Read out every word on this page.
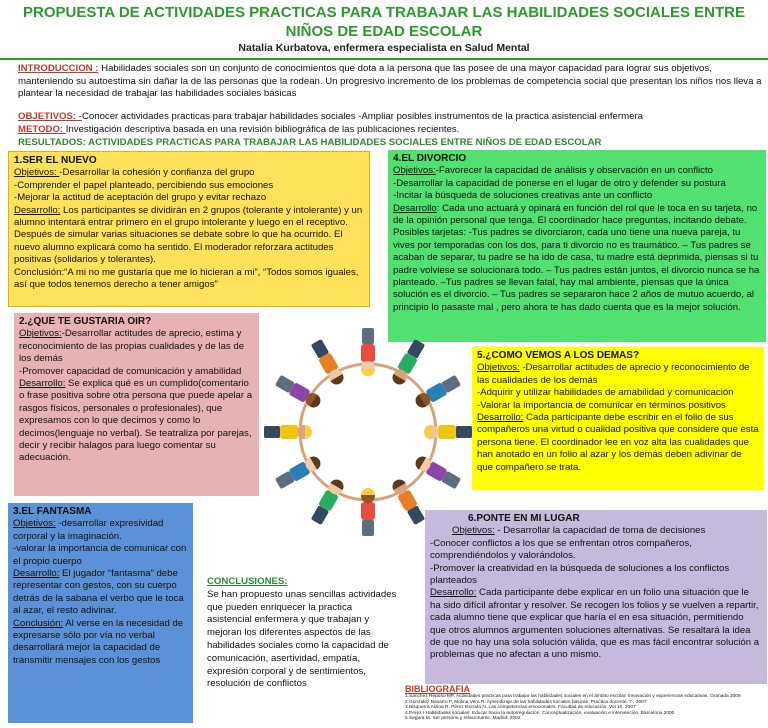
PROPUESTA DE ACTIVIDADES PRACTICAS PARA TRABAJAR LAS HABILIDADES SOCIALES ENTRE NIÑOS DE EDAD ESCOLAR
Natalia Kurbatova, enfermera especialista en Salud Mental
INTRODUCCION : Habilidades sociales son un conjunto de conocimientos que dota a la persona que las posee de una mayor capacidad para lograr sus objetivos, manteniendo su autoestima sin dañar la de las personas que la rodean. Un progresivo incremento de los problemas de competencia social que presentan los niños nos lleva a plantear la necesidad de trabajar las habilidades sociales básicas
OBJETIVOS: -Conocer actividades practicas para trabajar habilidades sociales -Ampliar posibles instrumentos de la practica asistencial enfermera
METODO: Investigación descriptiva basada en una revisión bibliográfica de las publicaciones recientes.
RESULTADOS: ACTIVIDADES PRACTICAS PARA TRABAJAR LAS HABILIDADES SOCIALES ENTRE NIÑOS DE EDAD ESCOLAR
1.SER EL NUEVO
Objetivos: -Desarrollar la cohesión y confianza del grupo
-Comprender el papel planteado, percibiendo sus emociones
-Mejorar la actitud de aceptación del grupo y evitar rechazo
Desarrollo: Los participantes se dividirán en 2 grupos (tolerante y intolerante) y un alumno intentará entrar primero en el grupo intolerante y luego en el receptivo. Después de simular varias situaciones se debate sobre lo que ha ocurrido. El nuevo alumno explicará como ha sentido. El moderador reforzara actitudes positivas (solidarios y tolerantes).
Conclusión:“A mi no me gustaría que me lo hicieran a mi”, “Todos somos iguales, así que todos tenemos derecho a tener amigos”
2.¿QUE TE GUSTARIA OIR?
Objetivos:-Desarrollar actitudes de aprecio, estima y reconocimiento de las propias cualidades y de las de los demás
-Promover capacidad de comunicación y amabilidad
Desarrollo: Se explica qué es un cumplido(comentario o frase positiva sobre otra persona que puede apelar a rasgos físicos, personales o profesionales), que expresamos con lo que decimos y como lo decimos(lenguaje no verbal). Se teatraliza por parejas, decir y recibir halagos para luego comentar su adecuación.
3.EL FANTASMA
Objetivos: -desarrollar expresividad corporal y la imaginación.
-valorar la importancia de comunicar con el propio cuerpo
Desarrollo: El jugador “fantasma” debe representar con gestos, con su cuerpo detrás de la sabana el verbo que le toca al azar, el resto adivinar.
Conclusión: Al verse en la necesidad de expresarse sólo por vía no verbal desarrollará mejor la capacidad de transmitir mensajes con los gestos
4.EL DIVORCIO
Objetivos:-Favorecer la capacidad de análisis y observación en un conflicto
-Desarrollar la capacidad de ponerse en el lugar de otro y defender su postura
-Incitar la búsqueda de soluciones creativas ante un conflicto
Desarrollo: Cada uno actuará y opinará en función del rol que le toca en su tarjeta, no de la opinión personal que tenga. El coordinador hace preguntas, incitando debate. Posibles tarjetas: -Tus padres se divorciaron, cada uno tiene una nueva pareja, tu vives por temporadas con los dos, para ti divorcio no es traumático. – Tus padres se acaban de separar, tu padre se ha ido de casa, tu madre está deprimida, piensas si tu padre volviese se solucionará todo. – Tus padres están juntos, el divorcio nunca se ha planteado. –Tus padres se llevan fatal, hay mal ambiente, piensas que la única solución es el divorcio. – Tus padres se separaron hace 2 años de mutuo acuerdo, al principio lo pasaste mal , pero ahora te has dado cuenta que es la mejor solución.
5.¿COMO VEMOS A LOS DEMAS?
Objetivos: -Desarrollar actitudes de aprecio y reconocimiento de las cualidades de los demás
-Adquirir y utilizar habilidades de amabilidad y comunicación
-Valorar la importancia de comunicar en términos positivos
Desarrollo: Cada participante debe escribir en el folio de sus compañeros una virtud o cualidad positiva que considere que esta persona tiene. El coordinador lee en voz alta las cualidades que han anotado en un folio al azar y los demás deben adivinar de que compañero se trata.
6.PONTE EN MI LUGAR
Objetivos: - Desarrollar la capacidad de toma de decisiones
-Conocer conflictos a los que se enfrentan otros compañeros, comprendiéndolos y valorándolos.
-Promover la creatividad en la búsqueda de soluciones a los conflictos planteados
Desarrollo: Cada participante debe explicar en un folio una situación que le ha sido difícil afrontar y resolver. Se recogen los folios y se vuelven a repartir, cada alumno tiene que explicar que haría el en esa situación, permitiendo que otros alumnos argumenten soluciones alternativas. Se resaltará la idea de que no hay una sola solución válida, que es mas fácil encontrar solución a problemas que no afectan a uno mismo.
CONCLUSIONES:
Se han propuesto unas sencillas actividades que pueden enriquecer la practica asistencial enfermera y que trabajan y mejoran los diferentes aspectos de las habilidades sociales como la capacidad de comunicación, asertividad, empatía, expresión corporal y de sentimientos, resolución de conflictos	BIBLIOGRAFIA
1.Sanchez Reposo MP. Actividades practicas para trabajar las habilidades sociales en el ámbito escolar. Innovación y experiencias educativas. Granada 2009
2.Gonzalez Navarro P, Molina Vera R. Aprendizaje de las habilidades sociales básicas. Practica docente. 7 . 2007
3.Bisquerra Alzina R, Pérez Escoda N. Las competencias emocionales. Facultad de educación. Vol 10. 2007
4.Perez I Habilidades sociales: Educar hacia la autorregulación. Conceptualización, evaluación e intervención, Barcelona 2000
5.Segura M. Ser persona y relacionarse. Madrid. 2002
